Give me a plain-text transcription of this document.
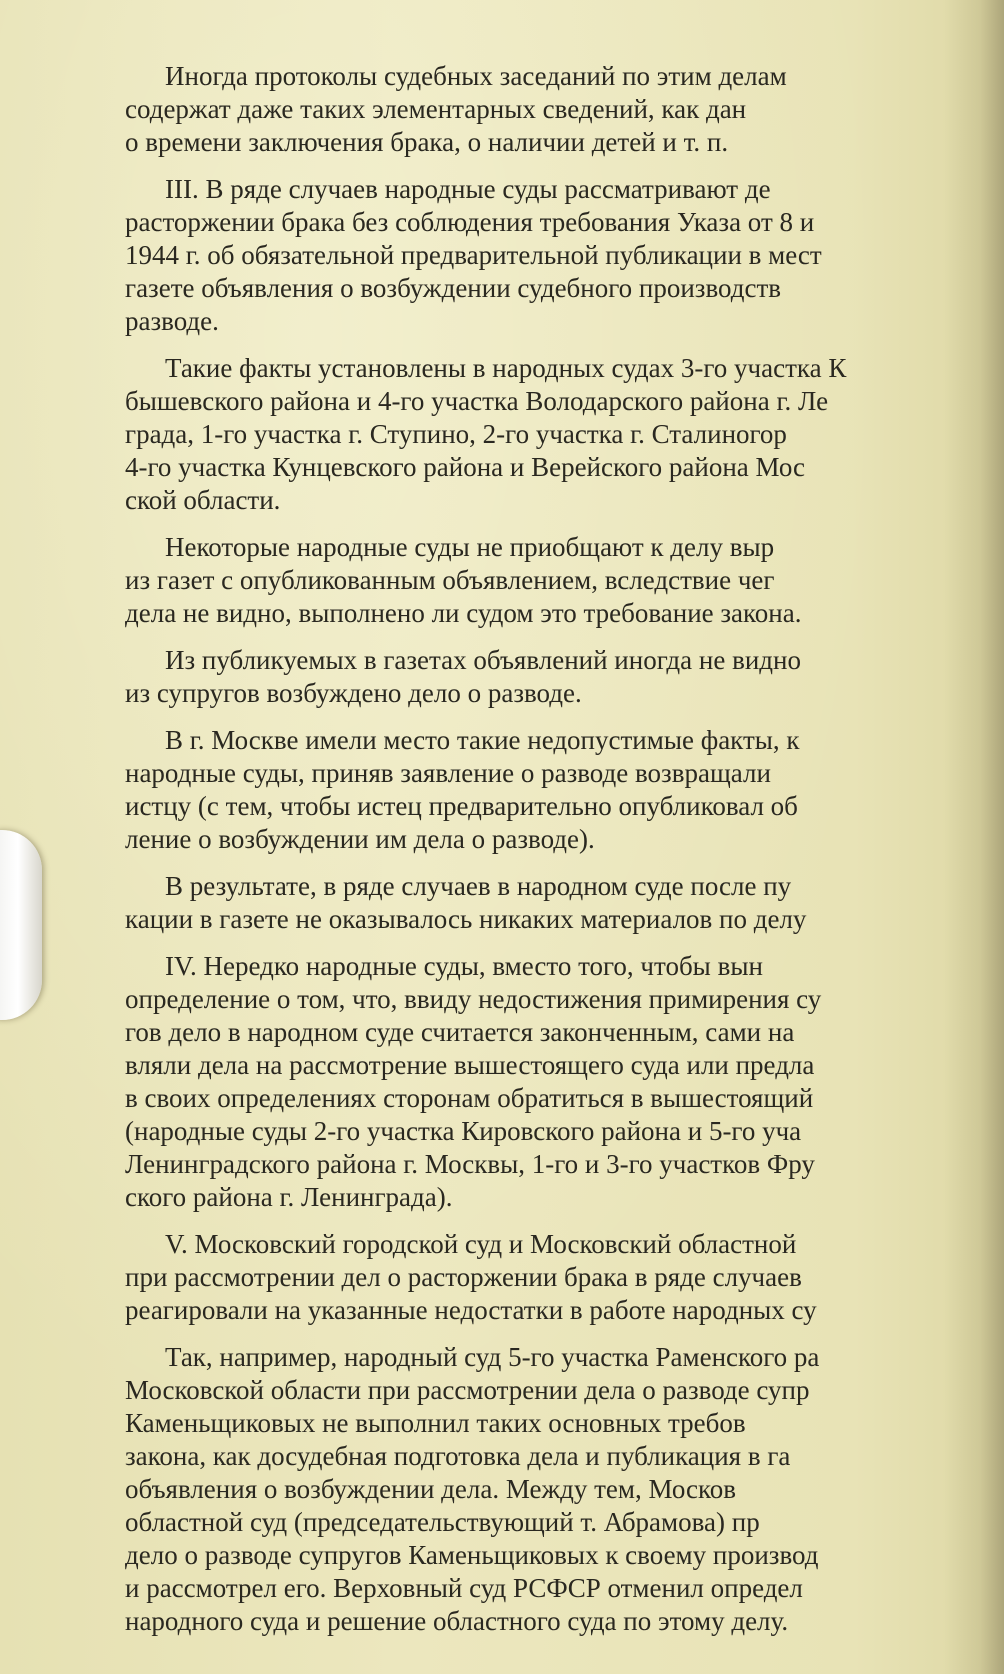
Иногда протоколы судебных заседаний по этим делам
содержат даже таких элементарных сведений, как дан
о времени заключения брака, о наличии детей и т. п.
III. В ряде случаев народные суды рассматривают де
расторжении брака без соблюдения требования Указа от 8 и
1944 г. об обязательной предварительной публикации в мест
газете объявления о возбуждении судебного производств
разводе.
Такие факты установлены в народных судах 3-го участка К
бышевского района и 4-го участка Володарского района г. Ле
града, 1-го участка г. Ступино, 2-го участка г. Сталиногор
4-го участка Кунцевского района и Верейского района Мос
ской области.
Некоторые народные суды не приобщают к делу выр
из газет с опубликованным объявлением, вследствие чег
дела не видно, выполнено ли судом это требование закона.
Из публикуемых в газетах объявлений иногда не видно
из супругов возбуждено дело о разводе.
В г. Москве имели место такие недопустимые факты, к
народные суды, приняв заявление о разводе возвращали
истцу (с тем, чтобы истец предварительно опубликовал об
ление о возбуждении им дела о разводе).
В результате, в ряде случаев в народном суде после пу
кации в газете не оказывалось никаких материалов по делу
IV. Нередко народные суды, вместо того, чтобы вын
определение о том, что, ввиду недостижения примирения су
гов дело в народном суде считается законченным, сами на
вляли дела на рассмотрение вышестоящего суда или предла
в своих определениях сторонам обратиться в вышестоящий
(народные суды 2-го участка Кировского района и 5-го уча
Ленинградского района г. Москвы, 1-го и 3-го участков Фру
ского района г. Ленинграда).
V. Московский городской суд и Московский областной
при рассмотрении дел о расторжении брака в ряде случаев
реагировали на указанные недостатки в работе народных су
Так, например, народный суд 5-го участка Раменского ра
Московской области при рассмотрении дела о разводе супр
Каменьщиковых не выполнил таких основных требов
закона, как досудебная подготовка дела и публикация в га
объявления о возбуждении дела. Между тем, Москов
областной суд (председательствующий т. Абрамова) пр
дело о разводе супругов Каменьщиковых к своему производ
и рассмотрел его. Верховный суд РСФСР отменил определ
народного суда и решение областного суда по этому делу.
